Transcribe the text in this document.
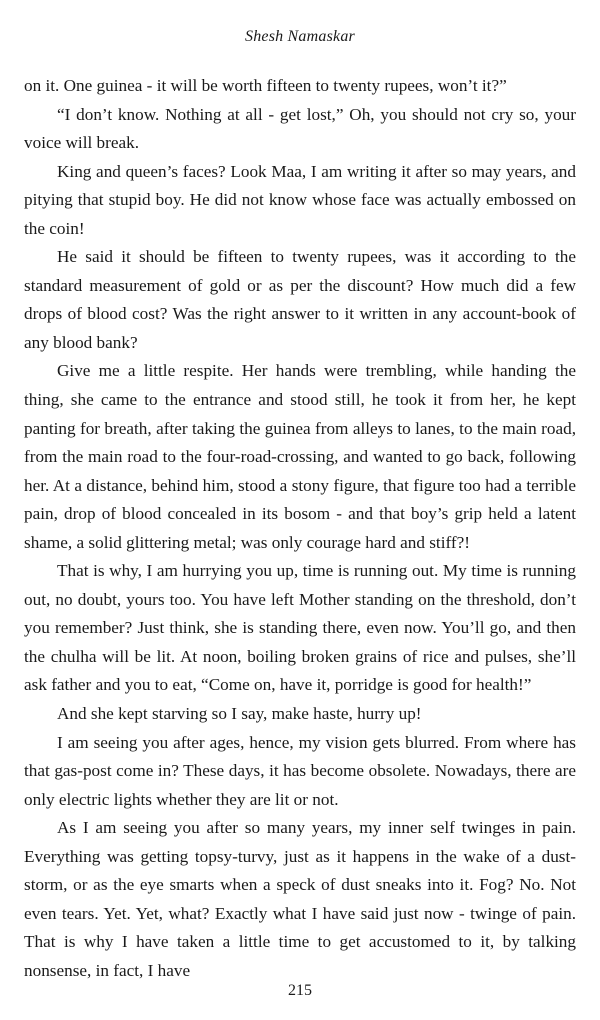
Shesh Namaskar

on it. One guinea - it will be worth fifteen to twenty rupees, won’t it?”

“I don’t know. Nothing at all - get lost,” Oh, you should not cry so, your voice will break.

King and queen’s faces? Look Maa, I am writing it after so may years, and pitying that stupid boy. He did not know whose face was actually embossed on the coin!

He said it should be fifteen to twenty rupees, was it according to the standard measurement of gold or as per the discount? How much did a few drops of blood cost? Was the right answer to it written in any account-book of any blood bank?

Give me a little respite. Her hands were trembling, while handing the thing, she came to the entrance and stood still, he took it from her, he kept panting for breath, after taking the guinea from alleys to lanes, to the main road, from the main road to the four-road-crossing, and wanted to go back, following her. At a distance, behind him, stood a stony figure, that figure too had a terrible pain, drop of blood concealed in its bosom - and that boy’s grip held a latent shame, a solid glittering metal; was only courage hard and stiff?!

That is why, I am hurrying you up, time is running out. My time is running out, no doubt, yours too. You have left Mother standing on the threshold, don’t you remember? Just think, she is standing there, even now. You’ll go, and then the chulha will be lit. At noon, boiling broken grains of rice and pulses, she’ll ask father and you to eat, “Come on, have it, porridge is good for health!”

And she kept starving so I say, make haste, hurry up!

I am seeing you after ages, hence, my vision gets blurred. From where has that gas-post come in? These days, it has become obsolete. Nowadays, there are only electric lights whether they are lit or not.

As I am seeing you after so many years, my inner self twinges in pain. Everything was getting topsy-turvy, just as it happens in the wake of a dust-storm, or as the eye smarts when a speck of dust sneaks into it. Fog? No. Not even tears. Yet. Yet, what? Exactly what I have said just now - twinge of pain. That is why I have taken a little time to get accustomed to it, by talking nonsense, in fact, I have

215
